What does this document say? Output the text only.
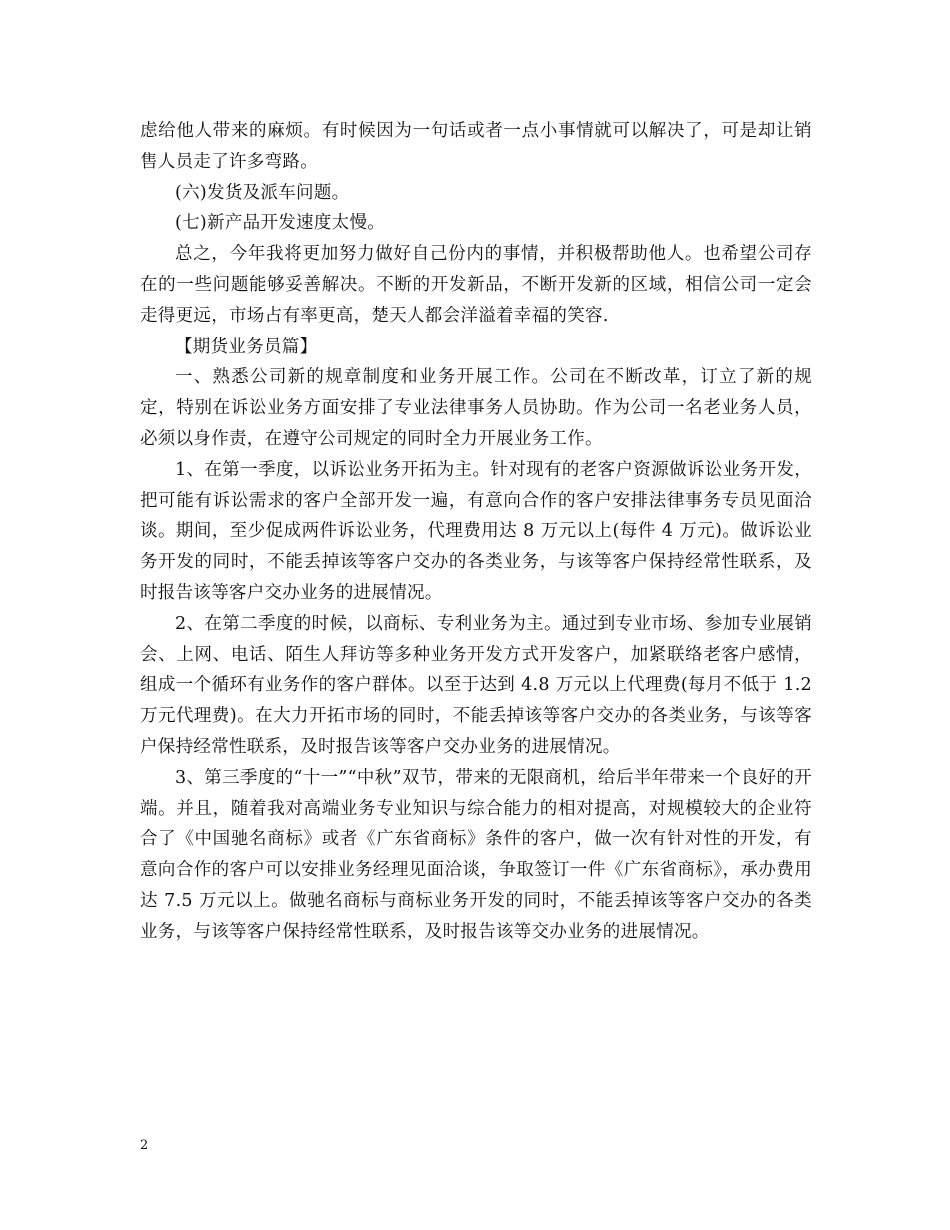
虑给他人带来的麻烦。有时候因为一句话或者一点小事情就可以解决了，可是却让销售人员走了许多弯路。

(六)发货及派车问题。

(七)新产品开发速度太慢。

总之，今年我将更加努力做好自己份内的事情，并积极帮助他人。也希望公司存在的一些问题能够妥善解决。不断的开发新品，不断开发新的区域，相信公司一定会走得更远，市场占有率更高，楚天人都会洋溢着幸福的笑容.

【期货业务员篇】

一、熟悉公司新的规章制度和业务开展工作。公司在不断改革，订立了新的规定，特别在诉讼业务方面安排了专业法律事务人员协助。作为公司一名老业务人员，必须以身作责，在遵守公司规定的同时全力开展业务工作。

1、在第一季度，以诉讼业务开拓为主。针对现有的老客户资源做诉讼业务开发，把可能有诉讼需求的客户全部开发一遍，有意向合作的客户安排法律事务专员见面洽谈。期间，至少促成两件诉讼业务，代理费用达 8 万元以上(每件 4 万元)。做诉讼业务开发的同时，不能丢掉该等客户交办的各类业务，与该等客户保持经常性联系，及时报告该等客户交办业务的进展情况。

2、在第二季度的时候，以商标、专利业务为主。通过到专业市场、参加专业展销会、上网、电话、陌生人拜访等多种业务开发方式开发客户，加紧联络老客户感情，组成一个循环有业务作的客户群体。以至于达到 4.8 万元以上代理费(每月不低于 1.2 万元代理费)。在大力开拓市场的同时，不能丢掉该等客户交办的各类业务，与该等客户保持经常性联系，及时报告该等客户交办业务的进展情况。

3、第三季度的“十一”“中秋”双节，带来的无限商机，给后半年带来一个良好的开端。并且，随着我对高端业务专业知识与综合能力的相对提高，对规模较大的企业符合了《中国驰名商标》或者《广东省商标》条件的客户，做一次有针对性的开发，有意向合作的客户可以安排业务经理见面洽谈，争取签订一件《广东省商标》，承办费用达 7.5 万元以上。做驰名商标与商标业务开发的同时，不能丢掉该等客户交办的各类业务，与该等客户保持经常性联系，及时报告该等交办业务的进展情况。

2
